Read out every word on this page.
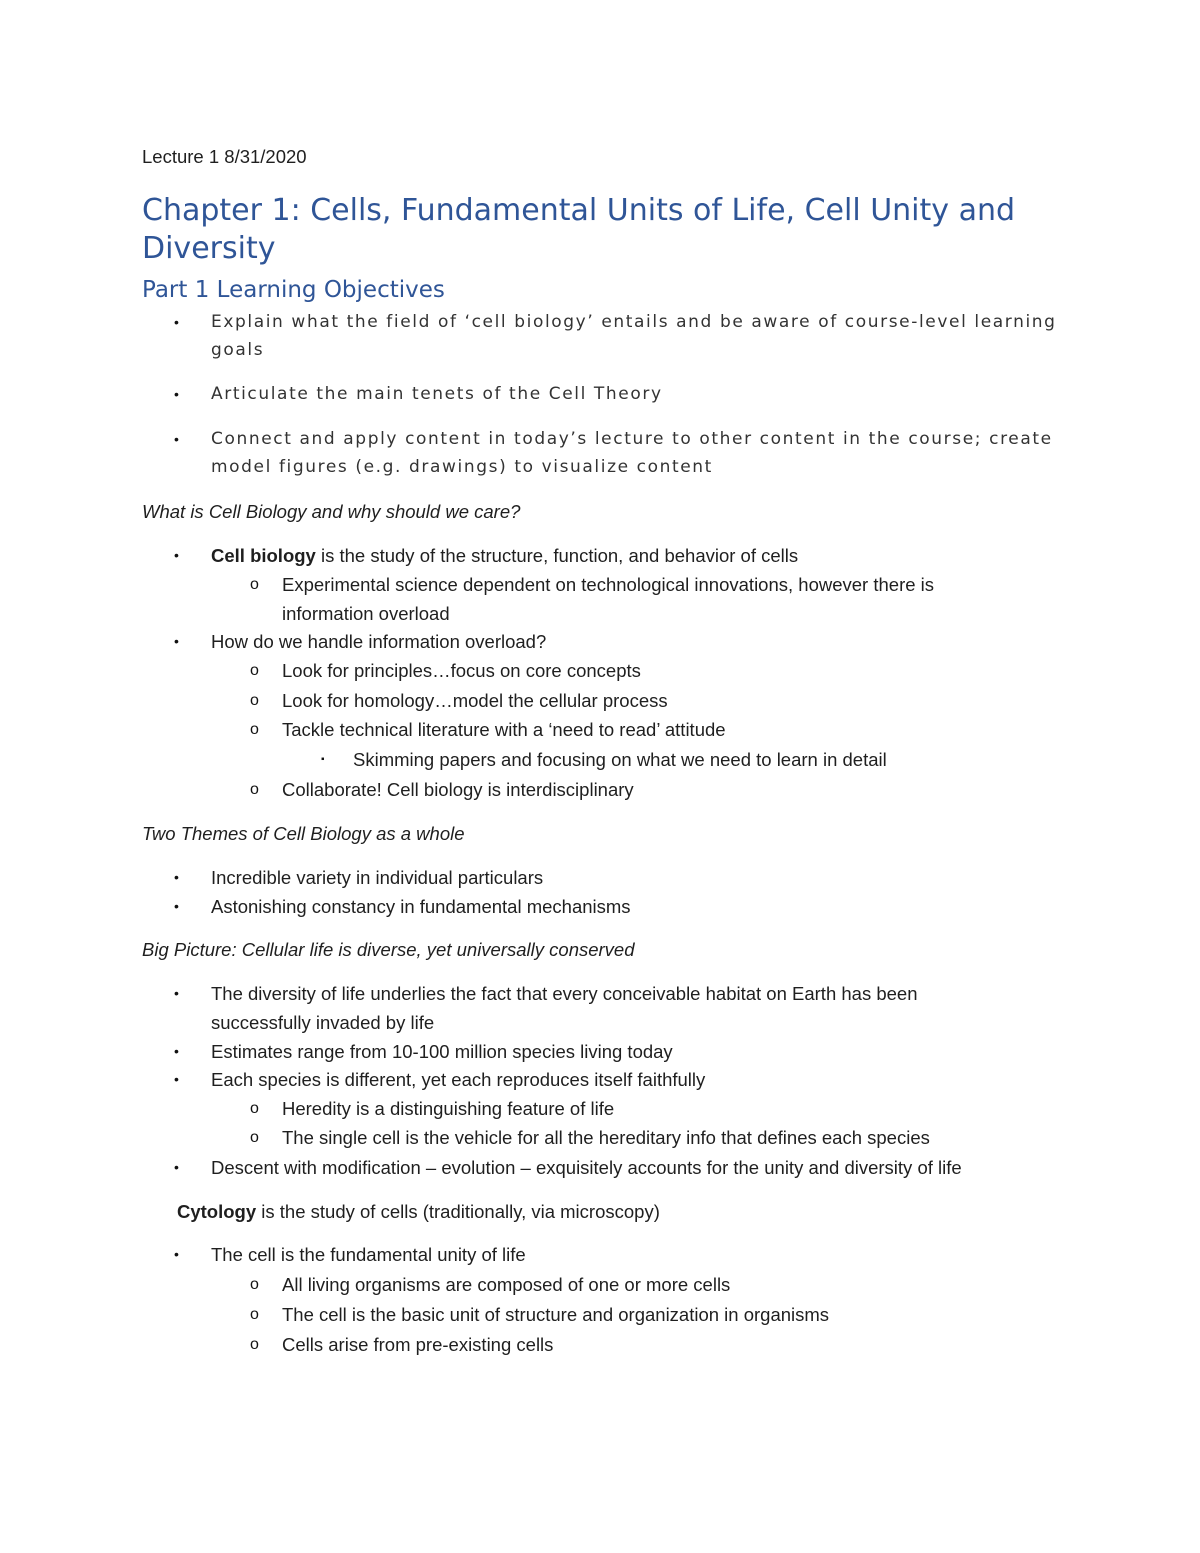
Lecture 1 8/31/2020
Chapter 1: Cells, Fundamental Units of Life, Cell Unity and Diversity
Part 1 Learning Objectives
• Explain what the field of ‘cell biology’ entails and be aware of course-level learning goals
• Articulate the main tenets of the Cell Theory
• Connect and apply content in today’s lecture to other content in the course; create model figures (e.g. drawings) to visualize content
What is Cell Biology and why should we care?
• Cell biology is the study of the structure, function, and behavior of cells
o Experimental science dependent on technological innovations, however there is information overload
• How do we handle information overload?
o Look for principles…focus on core concepts
o Look for homology…model the cellular process
o Tackle technical literature with a ‘need to read’ attitude
▪ Skimming papers and focusing on what we need to learn in detail
o Collaborate! Cell biology is interdisciplinary
Two Themes of Cell Biology as a whole
• Incredible variety in individual particulars
• Astonishing constancy in fundamental mechanisms
Big Picture: Cellular life is diverse, yet universally conserved
• The diversity of life underlies the fact that every conceivable habitat on Earth has been successfully invaded by life
• Estimates range from 10-100 million species living today
• Each species is different, yet each reproduces itself faithfully
o Heredity is a distinguishing feature of life
o The single cell is the vehicle for all the hereditary info that defines each species
• Descent with modification – evolution – exquisitely accounts for the unity and diversity of life
Cytology is the study of cells (traditionally, via microscopy)
• The cell is the fundamental unity of life
o All living organisms are composed of one or more cells
o The cell is the basic unit of structure and organization in organisms
o Cells arise from pre-existing cells
